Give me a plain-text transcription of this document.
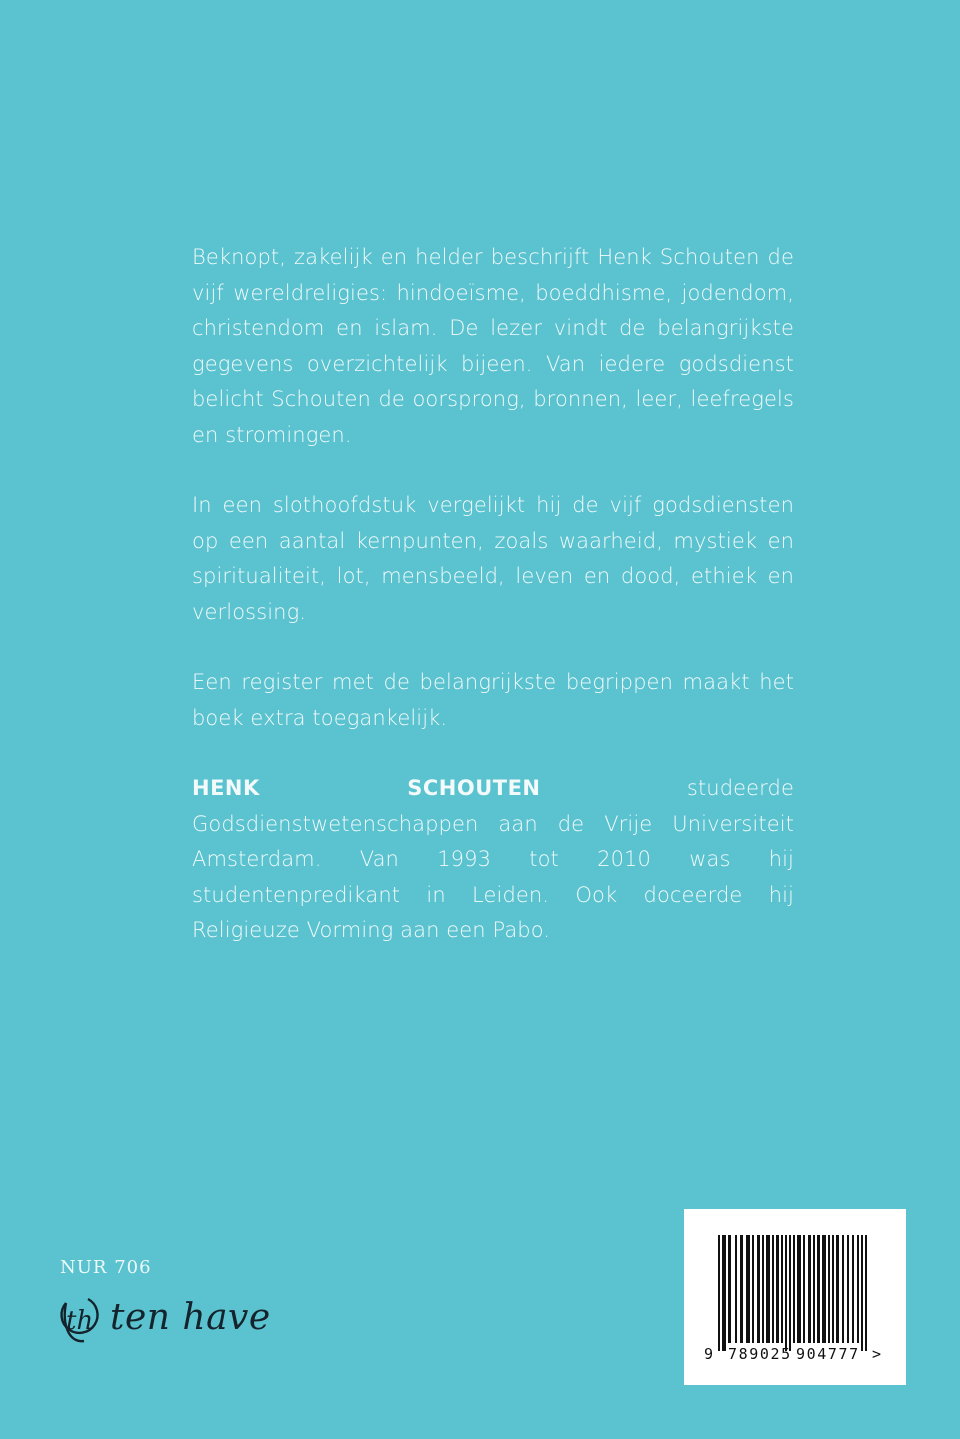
Beknopt, zakelijk en helder beschrijft Henk Schouten de vijf wereldreligies: hindoeïsme, boeddhisme, jodendom, christendom en islam. De lezer vindt de belangrijkste gegevens overzichtelijk bijeen. Van iedere godsdienst belicht Schouten de oorsprong, bronnen, leer, leefregels en stromingen.

In een slothoofdstuk vergelijkt hij de vijf godsdiensten op een aantal kernpunten, zoals waarheid, mystiek en spiritualiteit, lot, mensbeeld, leven en dood, ethiek en verlossing.

Een register met de belangrijkste begrippen maakt het boek extra toegankelijk.

HENK SCHOUTEN studeerde Godsdienstwetenschappen aan de Vrije Universiteit Amsterdam. Van 1993 tot 2010 was hij studentenpredikant in Leiden. Ook doceerde hij Religieuze Vorming aan een Pabo.

NUR 706
th ten have
9 789025 904777 >
